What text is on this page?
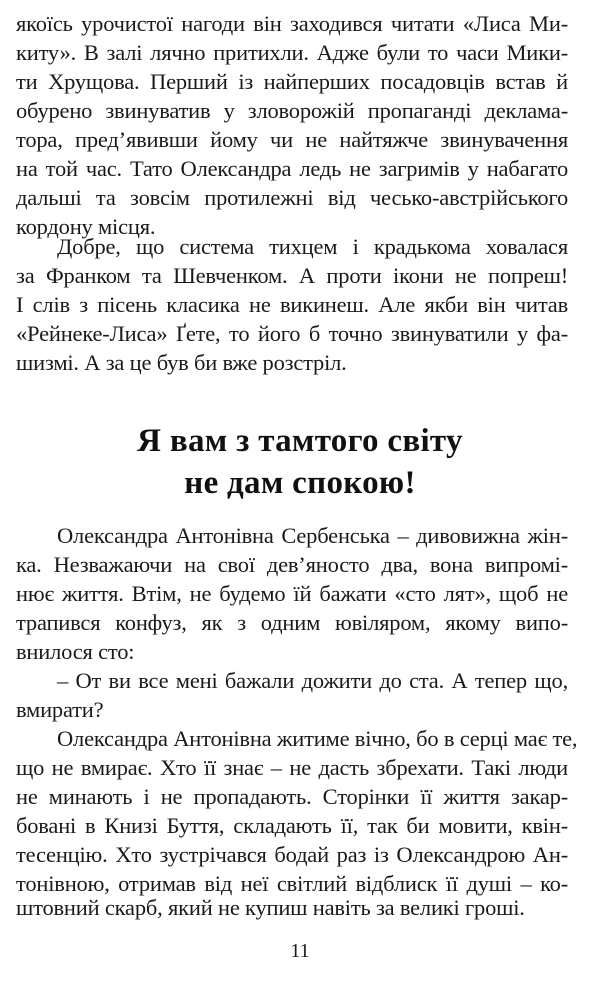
якоїсь урочистої нагоди він заходився читати «Лиса Ми-
киту». В залі лячно притихли. Адже були то часи Мики-
ти Хрущова. Перший із найперших посадовців встав й
обурено звинуватив у зловорожій пропаганді деклама-
тора, пред’явивши йому чи не найтяжче звинувачення
на той час. Тато Олександра ледь не загримів у набагато
дальші та зовсім протилежні від чесько-австрійського
кордону місця.
Добре, що система тихцем і крадькома ховалася
за Франком та Шевченком. А проти ікони не попреш!
І слів з пісень класика не викинеш. Але якби він читав
«Рейнеке-Лиса» Ґете, то його б точно звинуватили у фа-
шизмі. А за це був би вже розстріл.
Я вам з тамтого світу
не дам спокою!
Олександра Антонівна Сербенська – дивовижна жін-
ка. Незважаючи на свої дев’яносто два, вона випромі-
нює життя. Втім, не будемо їй бажати «сто лят», щоб не
трапився конфуз, як з одним ювіляром, якому випо-
внилося сто:
– От ви все мені бажали дожити до ста. А тепер що,
вмирати?
Олександра Антонівна житиме вічно, бо в серці має те,
що не вмирає. Хто її знає – не дасть збрехати. Такі люди
не минають і не пропадають. Сторінки її життя закар-
бовані в Книзі Буття, складають її, так би мовити, квін-
тесенцію. Хто зустрічався бодай раз із Олександрою Ан-
тонівною, отримав від неї світлий відблиск її душі – ко-
штовний скарб, який не купиш навіть за великі гроші.
11
